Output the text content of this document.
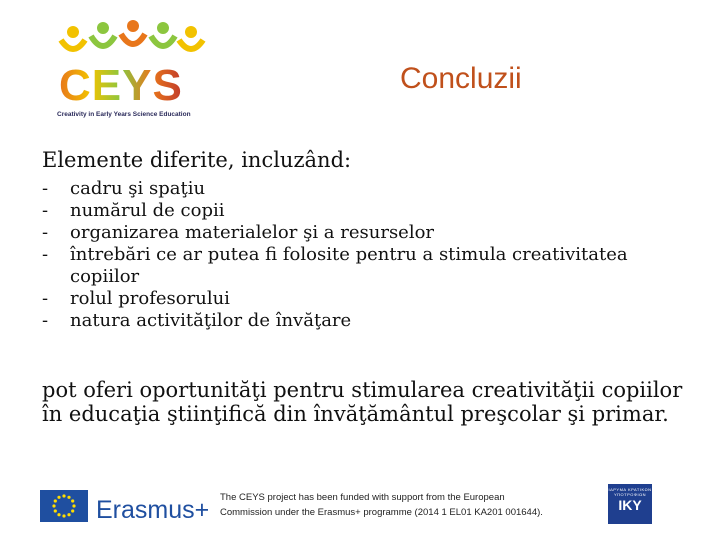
CEYS
Creativity in Early Years Science Education
Concluzii
Elemente diferite, incluzând:
- cadru şi spaţiu
- numărul de copii
- organizarea materialelor şi a resurselor
- întrebări ce ar putea fi folosite pentru a stimula creativitatea copiilor
- rolul profesorului
- natura activităţilor de învăţare
pot oferi oportunităţi pentru stimularea creativităţii copiilor în educaţia ştiinţifică din învăţământul preşcolar şi primar.
Erasmus+ The CEYS project has been funded with support from the European
Commission under the Erasmus+ programme (2014 1 EL01 KA201 001644).
ΙΔΡΥΜΑ ΚΡΑΤΙΚΩΝ ΥΠΟΤΡΟΦΙΩΝ
IKY
